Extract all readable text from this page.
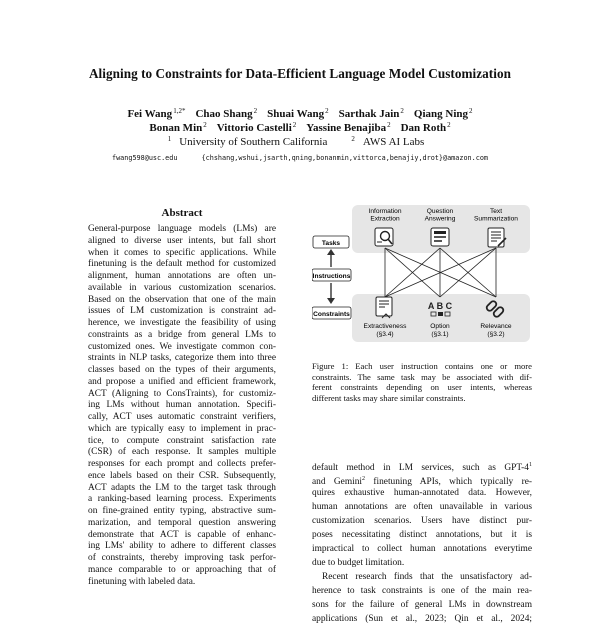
Aligning to Constraints for Data-Efficient Language Model Customization
Fei Wang$^{1,2*}$ Chao Shang$^2$ Shuai Wang$^2$ Sarthak Jain$^2$ Qiang Ning$^2$
Bonan Min$^2$ Vittorio Castelli$^2$ Yassine Benajiba$^2$ Dan Roth$^2$
$^1$ University of Southern California	$^2$ AWS AI Labs
fwang598@usc.edu	{chshang,wshui,jsarth,qning,bonanmin,vittorca,benajiy,drot}@amazon.com
Abstract
General-purpose language models (LMs) are
aligned to diverse user intents, but fall short
when it comes to specific applications. While
finetuning is the default method for customized
alignment, human annotations are often un-
available in various customization scenarios.
Based on the observation that one of the main
issues of LM customization is constraint ad-
herence, we investigate the feasibility of using
constraints as a bridge from general LMs to
customized ones. We investigate common con-
straints in NLP tasks, categorize them into three
classes based on the types of their arguments,
and propose a unified and efficient framework,
ACT (Aligning to ConsTraints), for customiz-
ing LMs without human annotation. Specifi-
cally, ACT uses automatic constraint verifiers,
which are typically easy to implement in prac-
tice, to compute constraint satisfaction rate
(CSR) of each response. It samples multiple
responses for each prompt and collects prefer-
ence labels based on their CSR. Subsequently,
ACT adapts the LM to the target task through
a ranking-based learning process. Experiments
on fine-grained entity typing, abstractive sum-
marization, and temporal question answering
demonstrate that ACT is capable of enhanc-
ing LMs' ability to adhere to different classes
of constraints, thereby improving task perfor-
mance comparable to or approaching that of
finetuning with labeled data.
A B C
Information
Extraction
Question
Answering
Text
Summarization
Extractiveness
(§3.4)
Option
(§3.1)
Relevance
(§3.2)
Tasks
Instructions
Constraints
Figure 1: Each user instruction contains one or more
constraints. The same task may be associated with dif-
ferent constraints depending on user intents, whereas
different tasks may share similar constraints.
default method in LM services, such as GPT-4$^1$
and Gemini$^2$ finetuning APIs, which typically re-
quires exhaustive human-annotated data. However,
human annotations are often unavailable in various
customization scenarios. Users have distinct pur-
poses necessitating distinct annotations, but it is
impractical to collect human annotations everytime
due to budget limitation.
Recent research finds that the unsatisfactory ad-
herence to task constraints is one of the main rea-
sons for the failure of general LMs in downstream
applications (Sun et al., 2023; Qin et al., 2024;
